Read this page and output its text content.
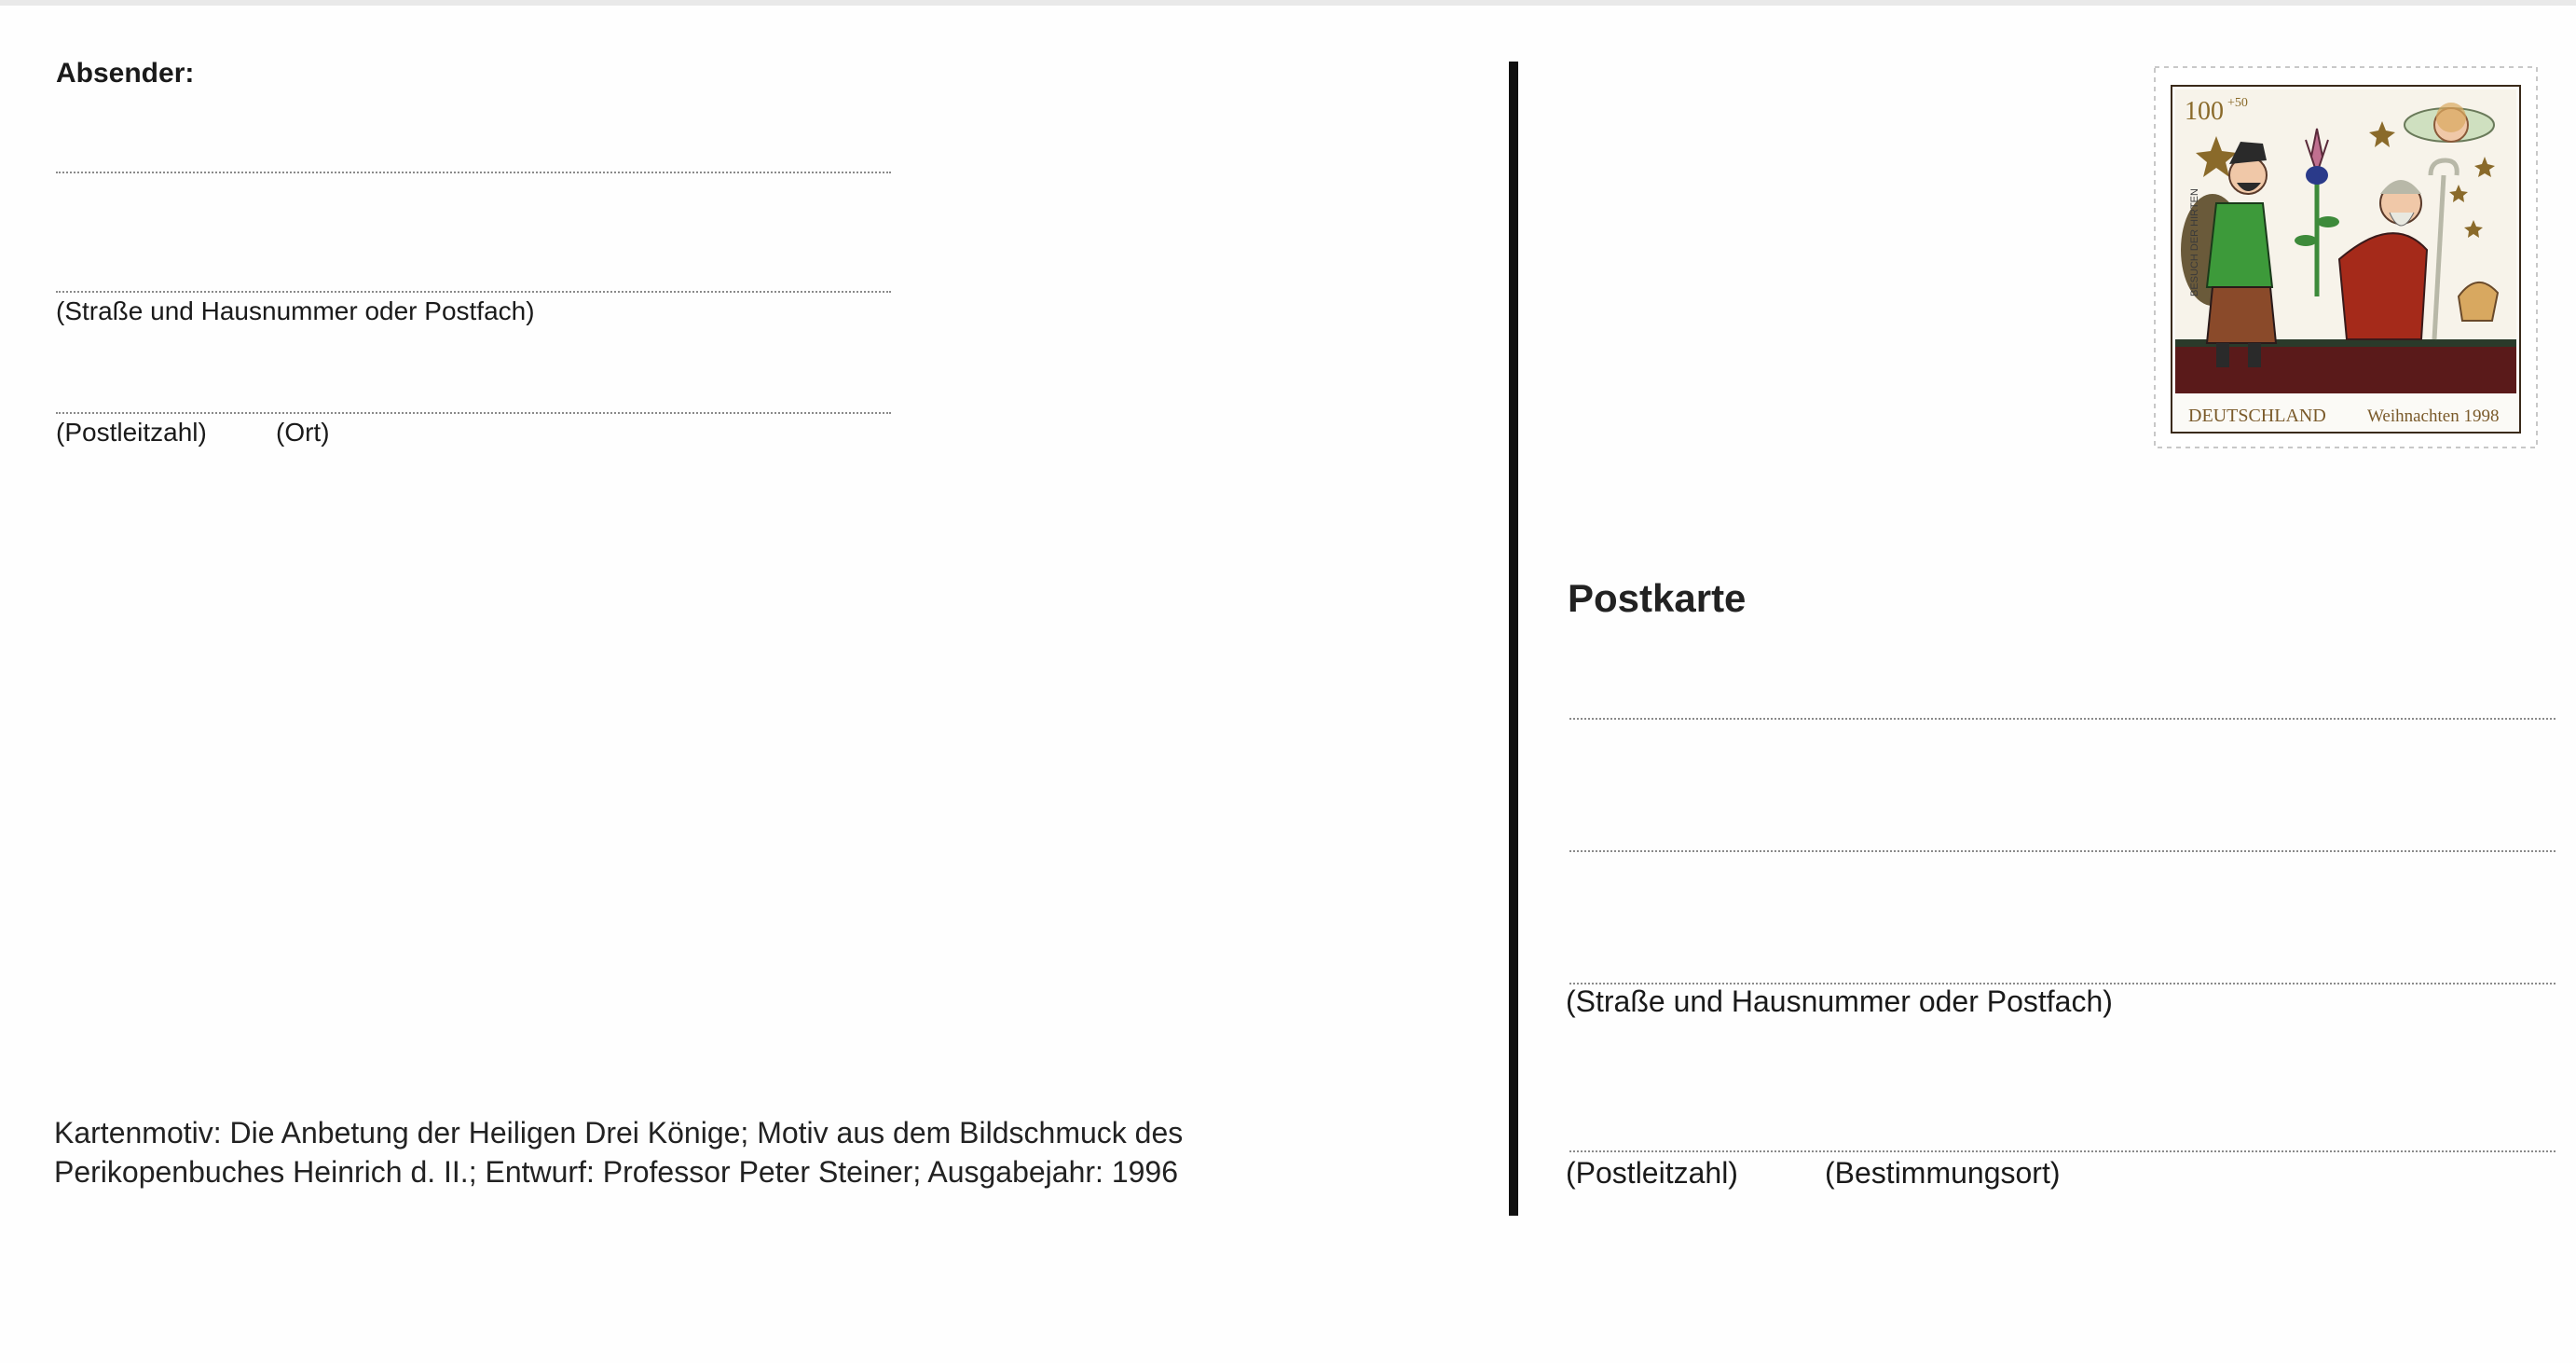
Absender:
(Straße und Hausnummer oder Postfach)
(Postleitzahl)	(Ort)
Kartenmotiv: Die Anbetung der Heiligen Drei Könige; Motiv aus dem Bildschmuck des
Perikopenbuches Heinrich d. II.; Entwurf: Professor Peter Steiner; Ausgabejahr: 1996
BESUCH DER HIRTEN
100 +50
DEUTSCHLAND Weihnachten 1998
Postkarte
(Straße und Hausnummer oder Postfach)
(Postleitzahl)	(Bestimmungsort)
